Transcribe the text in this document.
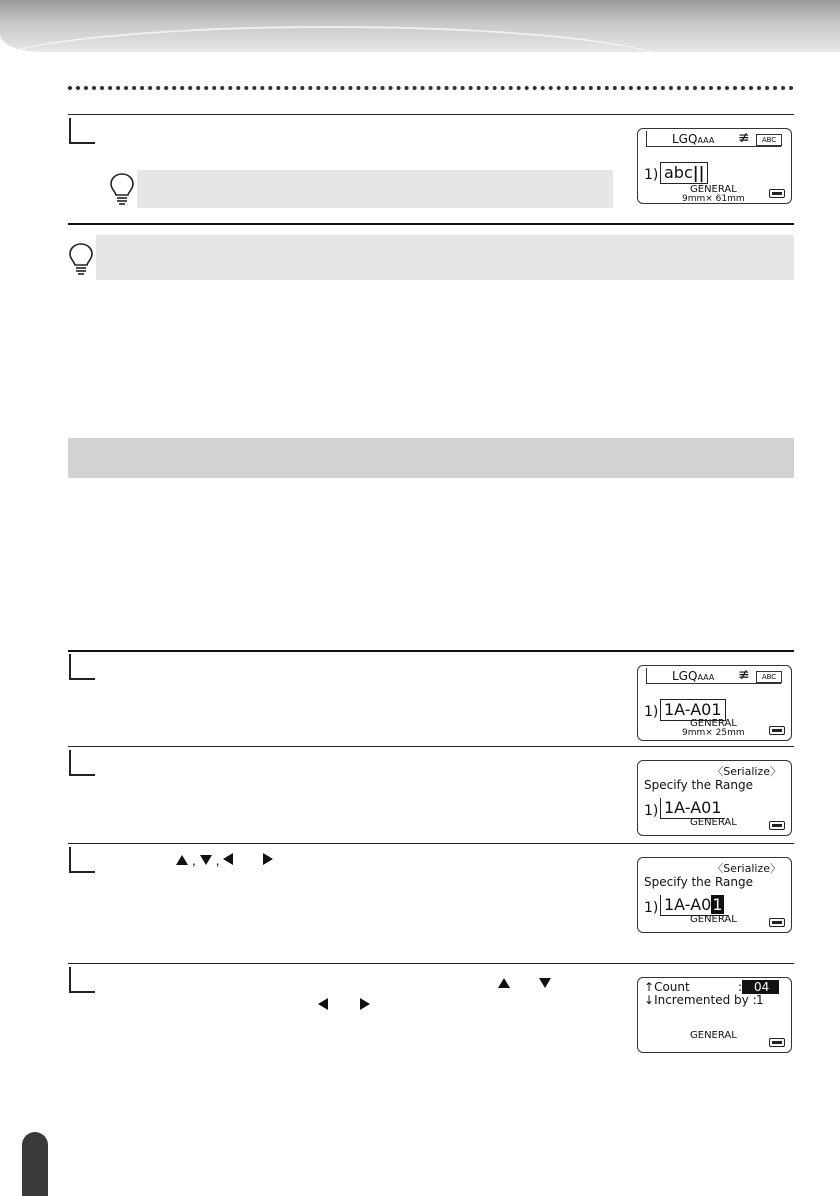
LGQAAA ≢	ABC
1) abc||
GENERAL
9mm× 61mm
LGQAAA ≢	ABC
1) 1A-A01
GENERAL
9mm× 25mm
〈Serialize〉
Specify the Range
1) 1A-A01
GENERAL
, ,
〈Serialize〉
Specify the Range
1) 1A-A01
GENERAL
↑Count	: 04
↓Incremented by : 1
GENERAL
